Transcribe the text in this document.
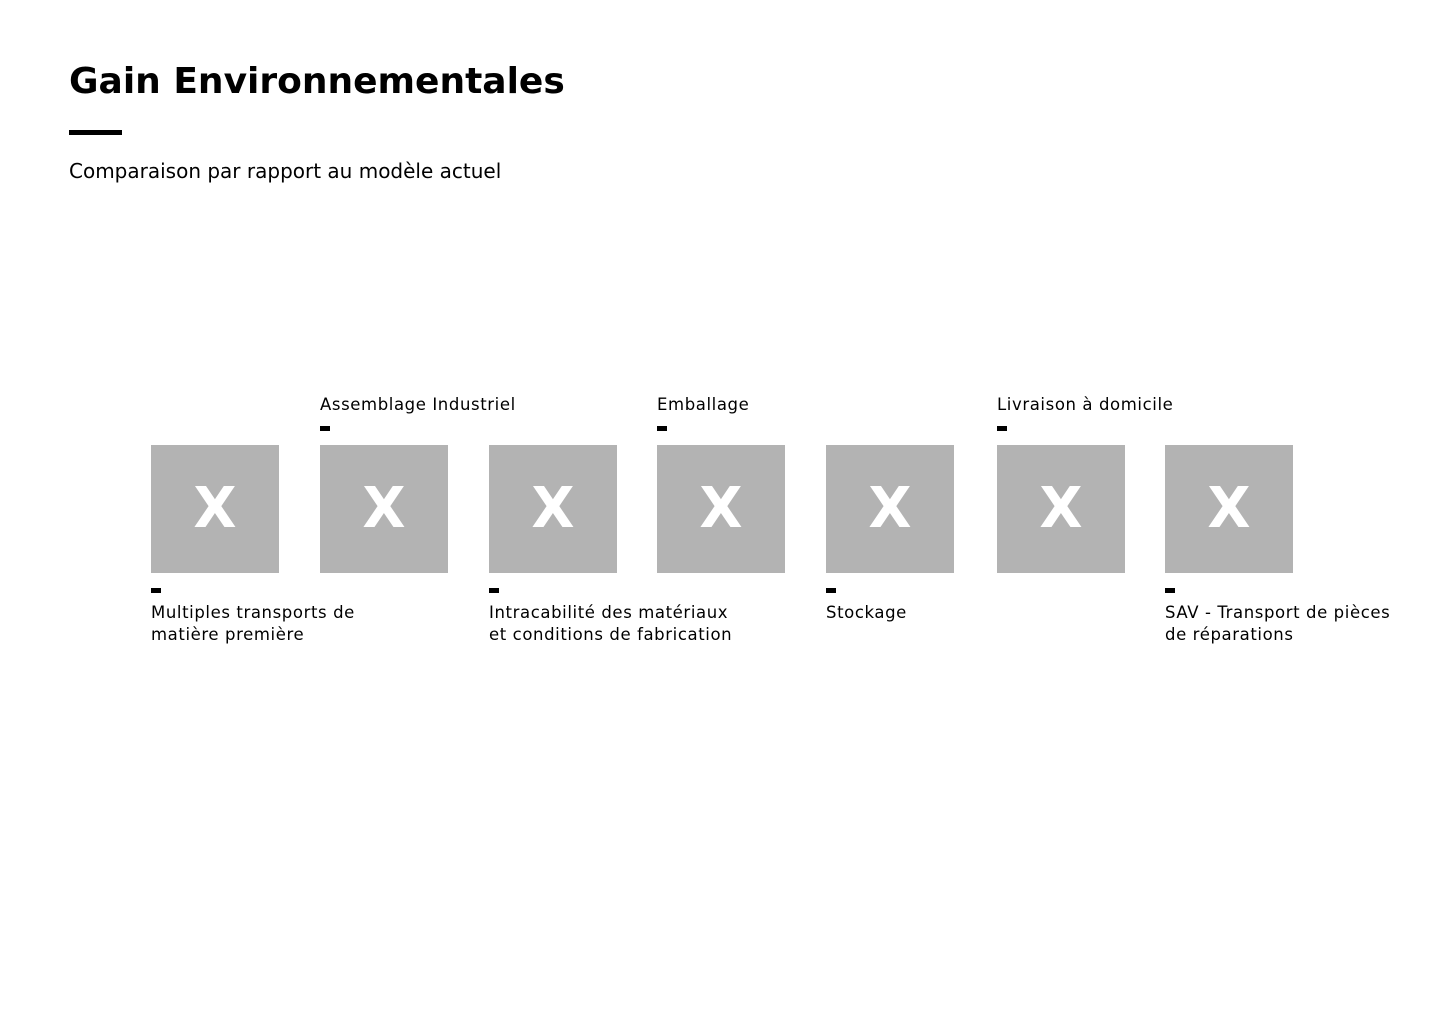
Gain Environnementales

Comparaison par rapport au modèle actuel

Assemblage Industriel	Emballage	Livraison à domicile

X	X	X	X	X	X	X

Multiples transports de
matière première

Intracabilité des matériaux
et conditions de fabrication

Stockage	SAV - Transport de pièces
de réparations
